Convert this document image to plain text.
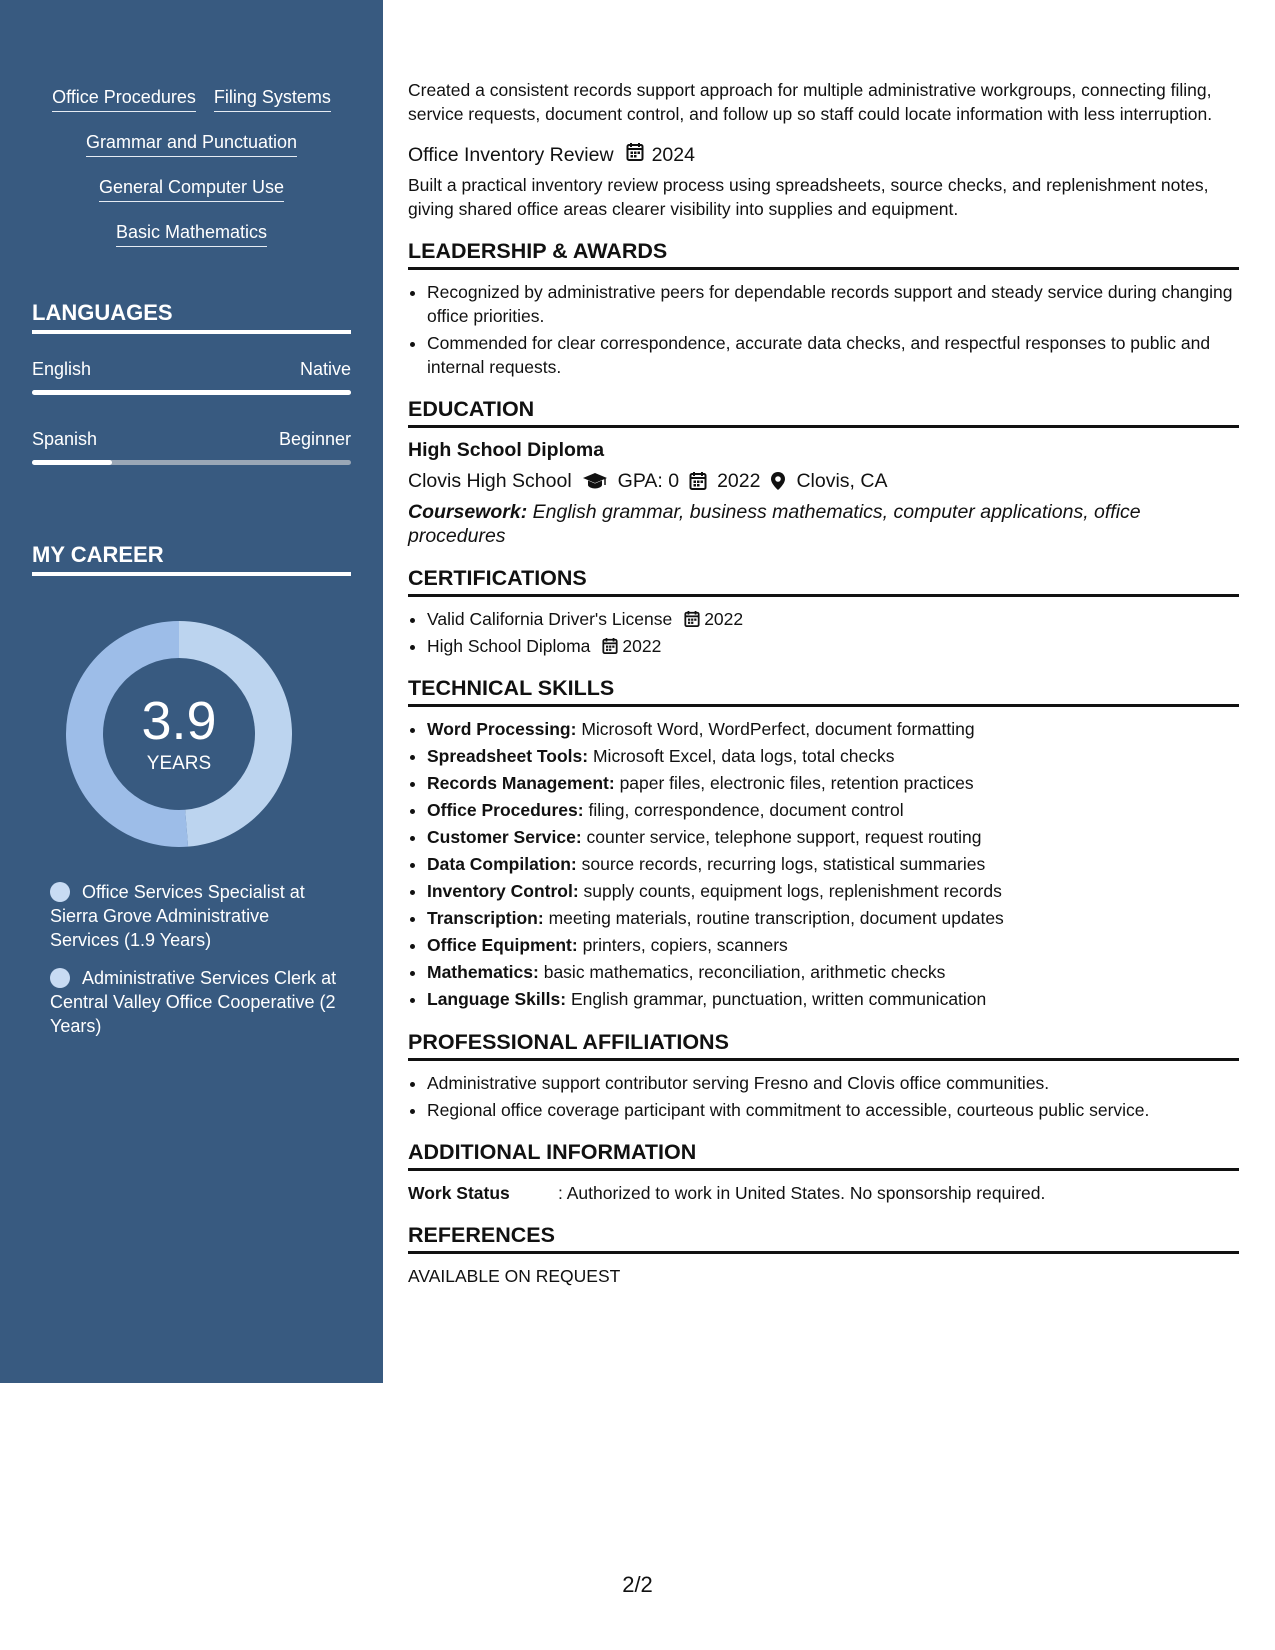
Office Procedures Filing Systems
Grammar and Punctuation
General Computer Use
Basic Mathematics
LANGUAGES
English	Native
Spanish	Beginner
MY CAREER
3.9
YEARS
Office Services Specialist at Sierra Grove Administrative Services (1.9 Years)
Administrative Services Clerk at Central Valley Office Cooperative (2 Years)

Created a consistent records support approach for multiple administrative workgroups, connecting filing, service requests, document control, and follow up so staff could locate information with less interruption.

Office Inventory Review 2024

Built a practical inventory review process using spreadsheets, source checks, and replenishment notes, giving shared office areas clearer visibility into supplies and equipment.

LEADERSHIP & AWARDS
• Recognized by administrative peers for dependable records support and steady service during changing office priorities.
• Commended for clear correspondence, accurate data checks, and respectful responses to public and internal requests.
EDUCATION
High School Diploma
Clovis High School GPA: 0 2022 Clovis, CA
Coursework: English grammar, business mathematics, computer applications, office procedures
CERTIFICATIONS
• Valid California Driver's License 2022
• High School Diploma 2022
TECHNICAL SKILLS
• Word Processing: Microsoft Word, WordPerfect, document formatting
• Spreadsheet Tools: Microsoft Excel, data logs, total checks
• Records Management: paper files, electronic files, retention practices
• Office Procedures: filing, correspondence, document control
• Customer Service: counter service, telephone support, request routing
• Data Compilation: source records, recurring logs, statistical summaries
• Inventory Control: supply counts, equipment logs, replenishment records
• Transcription: meeting materials, routine transcription, document updates
• Office Equipment: printers, copiers, scanners
• Mathematics: basic mathematics, reconciliation, arithmetic checks
• Language Skills: English grammar, punctuation, written communication
PROFESSIONAL AFFILIATIONS
• Administrative support contributor serving Fresno and Clovis office communities.
• Regional office coverage participant with commitment to accessible, courteous public service.
ADDITIONAL INFORMATION
Work Status	: Authorized to work in United States. No sponsorship required.
REFERENCES
AVAILABLE ON REQUEST
2/2
